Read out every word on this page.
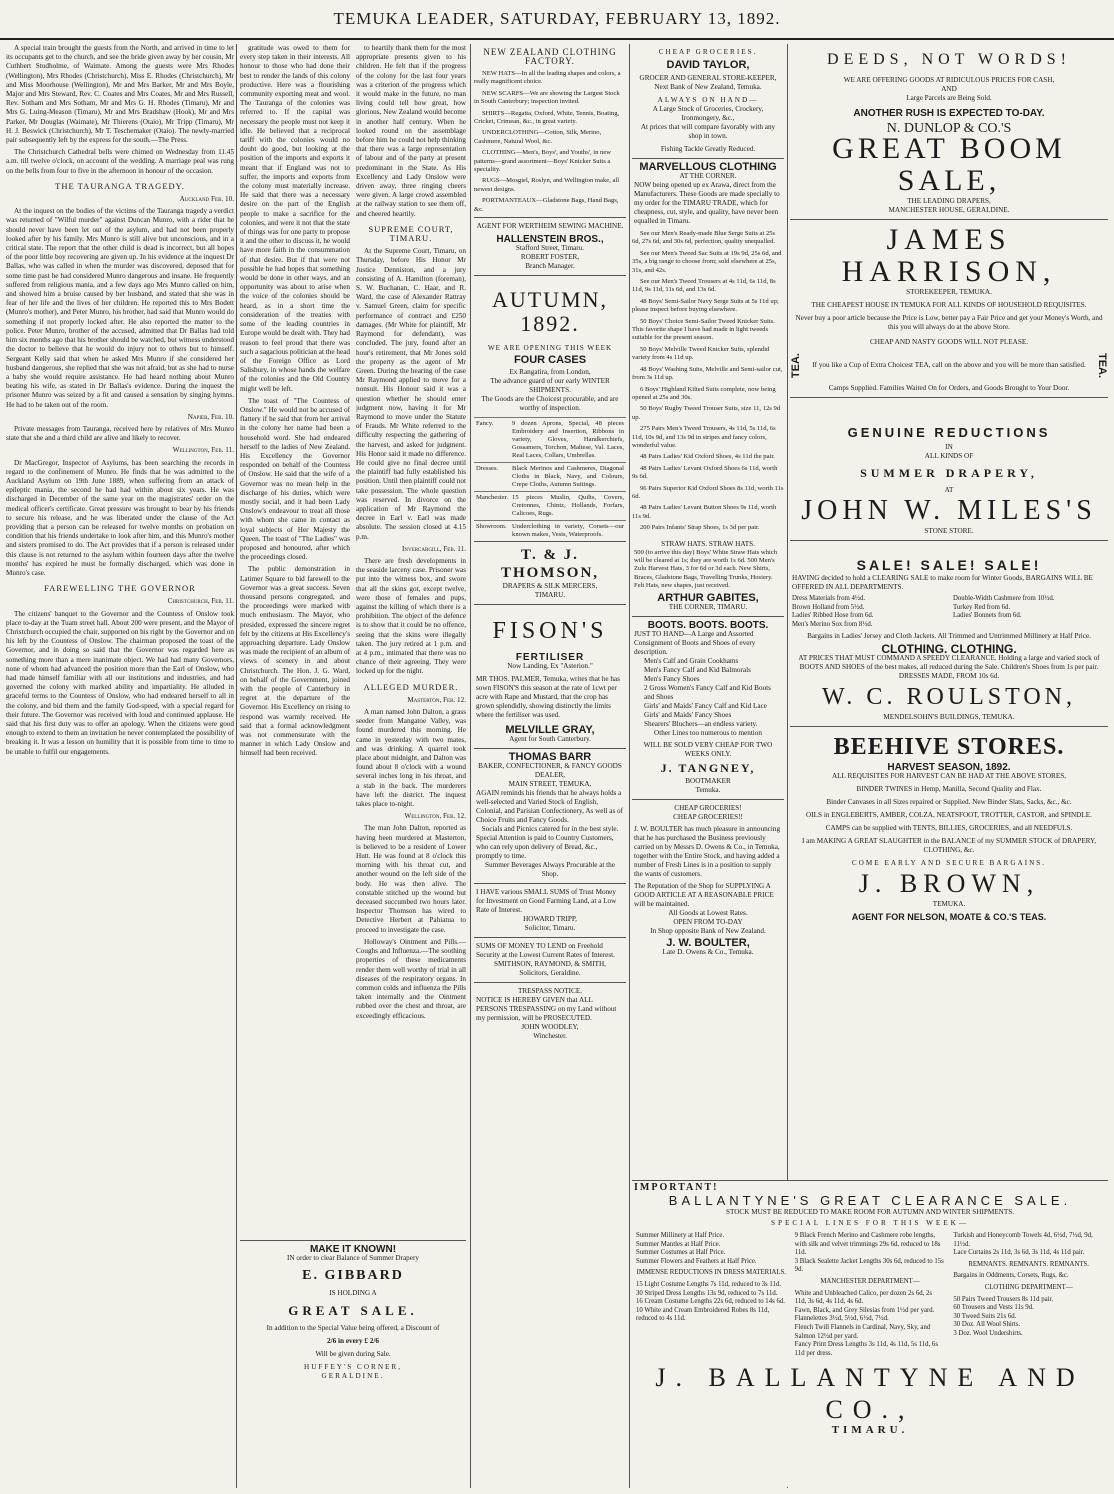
TEMUKA LEADER, SATURDAY, FEBRUARY 13, 1892.

A special train brought the guests from the North, and arrived in time to let its occupants get to the church, and see the bride given away by her cousin, Mr Cuthbert Studholme, of Waimate. Among the guests were Mrs Rhodes (Wellington), Mrs Rhodes (Christchurch), Miss E. Rhodes (Christchurch), Mr and Miss Moorhouse (Wellington), Mr and Mrs Barker, Mr and Mrs Boyle, Major and Mrs Steward, Rev. C. Coates and Mrs Coates, Mr and Mrs Russell, Rev. Sotham and Mrs Sotham, Mr and Mrs G. H. Rhodes (Timaru), Mr and Mrs G. Luing-Meason (Timaru), Mr and Mrs Bradshaw (Hook), Mr and Mrs Parker, Mr Douglas (Waimate), Mr Thierens (Otaio), Mr Tripp (Timaru), Mr H. J. Beswick (Christchurch), Mr T. Teschemaker (Otaio). The newly-married pair subsequently left by the express for the south.—The Press.

The Christchurch Cathedral bells were chimed on Wednesday from 11.45 a.m. till twelve o'clock, on account of the wedding. A marriage peal was rung on the bells from four to five in the afternoon in honour of the occasion.

THE TAURANGA TRAGEDY.

Auckland Feb. 10.

At the inquest on the bodies of the victims of the Tauranga tragedy a verdict was returned of "Wilful murder" against Duncan Munro, with a rider that he should never have been let out of the asylum, and had not been properly looked after by his family. Mrs Munro is still alive but unconscious, and in a critical state. The report that the other child is dead is incorrect, but all hopes of the poor little boy recovering are given up. In his evidence at the inquest Dr Ballas, who was called in when the murder was discovered, deposed that for some time past he had considered Munro dangerous and insane. He frequently suffered from religious mania, and a few days ago Mrs Munro called on him, and showed him a bruise caused by her husband, and stated that she was in fear of her life and the lives of her children. He reported this to Mrs Bodett (Munro's mother), and Peter Munro, his brother, had said that Munro would do something if not properly locked after. He also reported the matter to the police. Peter Munro, brother of the accused, admitted that Dr Ballas had told him six months ago that his brother should be watched, but witness understood the doctor to believe that he would do injury not to others but to himself. Sergeant Kelly said that when he asked Mrs Munro if she considered her husband dangerous, she replied that she was not afraid, but as she had to nurse a baby she would require assistance. He had heard nothing about Munro beating his wife, as stated in Dr Ballas's evidence. During the inquest the prisoner Munro was seized by a fit and caused a sensation by singing hymns. He had to be taken out of the room.

Napier, Feb. 10.

Private messages from Tauranga, received here by relatives of Mrs Munro state that she and a third child are alive and likely to recover.

Wellington, Feb. 11.

Dr MacGregor, Inspector of Asylums, has been searching the records in regard to the confinement of Munro. He finds that he was admitted to the Auckland Asylum on 19th June 1889, when suffering from an attack of epileptic mania, the second he had had within about six years. He was discharged in December of the same year on the magistrates' order on the medical officer's certificate. Great pressure was brought to bear by his friends to secure his release, and he was liberated under the clause of the Act providing that a person can be released for twelve months on probation on condition that his friends undertake to look after him, and this Munro's mother and sisters promised to do. The Act provides that if a person is released under this clause is not returned to the asylum within fourteen days after the twelve months' has expired he must be formally discharged, which was done in Munro's case.

FAREWELLING THE GOVERNOR

Christchurch, Feb. 11.

The citizens' banquet to the Governor and the Countess of Onslow took place to-day at the Tuam street hall. About 200 were present, and the Mayor of Christchurch occupied the chair, supported on his right by the Governor and on his left by the Countess of Onslow. The chairman proposed the toast of the Governor, and in doing so said that the Governor was regarded here as something more than a mere inanimate object. We had had many Governors, none of whom had advanced the position more than the Earl of Onslow, who had made himself familiar with all our institutions and industries, and had governed the colony with marked ability and impartiality. He alluded in graceful terms to the Countess of Onslow, who had endeared herself to all in the colony, and bid them and the family God-speed, with a special regard for their future. The Governor was received with loud and continued applause. He said that his first duty was to offer an apology. When the citizens were good enough to extend to them an invitation he never contemplated the possibility of breaking it. It was a lesson on humility that it is possible from time to time to be unable to fulfil our engagements.

gratitude was owed to them for every step taken in their interests. All honour to those who had done their best to render the lands of this colony productive. Here was a flourishing community exporting meat and wool. The Tauranga of the colonies was referred to. If the capital was necessary the people must not keep it idle. He believed that a reciprocal tariff with the colonies would no doubt do good, but looking at the position of the imports and exports it meant that if England was not to suffer, the imports and exports from the colony must materially increase. He said that there was a necessary desire on the part of the English people to make a sacrifice for the colonies, and were it not that the state of things was for one party to propose it and the other to discuss it, he would have more faith in the consummation of that desire. But if that were not possible he had hopes that something would be done in other ways, and an opportunity was about to arise when the voice of the colonies should be heard, as in a short time the consideration of the treaties with some of the leading countries in Europe would be dealt with. They had reason to feel proud that there was such a sagacious politician at the head of the Foreign Office as Lord Salisbury, in whose hands the welfare of the colonies and the Old Country might well be left.

The toast of "The Countess of Onslow." He would not be accused of flattery if he said that from her arrival in the colony her name had been a household word. She had endeared herself to the ladies of New Zealand. His Excellency the Governor responded on behalf of the Countess of Onslow. He said that the wife of a Governor was no mean help in the discharge of his duties, which were mostly social, and it had been Lady Onslow's endeavour to treat all those with whom she came in contact as loyal subjects of Her Majesty the Queen. The toast of "The Ladies" was proposed and honoured, after which the proceedings closed.

The public demonstration in Latimer Square to bid farewell to the Governor was a great success. Seven thousand persons congregated, and the proceedings were marked with much enthusiasm. The Mayor, who presided, expressed the sincere regret felt by the citizens at His Excellency's approaching departure. Lady Onslow was made the recipient of an album of views of scenery in and about Christchurch. The Hon. J. G. Ward, on behalf of the Government, joined with the people of Canterbury in regret at the departure of the Governor. His Excellency on rising to respond was warmly received. He said that a formal acknowledgment was not commensurate with the manner in which Lady Onslow and himself had been received.

to heartily thank them for the most appropriate presents given to his children. He felt that if the progress of the colony for the last four years was a criterion of the progress which it would make in the future, no man living could tell how great, how glorious, New Zealand would become in another half century. When he looked round on the assemblage before him he could not help thinking that there was a large representation of labour and of the party at present predominant in the State. As His Excellency and Lady Onslow were driven away, three ringing cheers were given. A large crowd assembled at the railway station to see them off, and cheered heartily.

SUPREME COURT, TIMARU.

At the Supreme Court, Timaru, on Thursday, before His Honor Mr Justice Denniston, and a jury consisting of A. Hamilton (foreman), S. W. Buchanan, C. Haar, and R. Ward, the case of Alexander Rattray v. Samuel Green, claim for specific performance of contract and £250 damages. (Mr White for plaintiff, Mr Raymond for defendant), was concluded. The jury, found after an hour's retirement, that Mr Jones sold the property as the agent of Mr Green. During the hearing of the case Mr Raymond applied to move for a nonsuit. His Honour said it was a question whether he should enter judgment now, having it for Mr Raymond to move under the Statute of Frauds. Mr White referred to the difficulty respecting the gathering of the harvest, and asked for judgment. His Honor said it made no difference. He could give no final decree until the plaintiff had fully established his position. Until then plaintiff could not take possession. The whole question was reserved. In divorce on the application of Mr Raymond the decree in Earl v. Earl was made absolute. The session closed at 4.15 p.m.

Invercargill, Feb. 11.

There are fresh developments in the seaside larceny case. Prisoner was put into the witness box, and swore that all the skins got, except twelve, were those of females and pups, against the killing of which there is a prohibition. The object of the defence is to show that it could be no offence, seeing that the skins were illegally taken. The jury retired at 1 p.m. and at 4 p.m., intimated that there was no chance of their agreeing. They were locked up for the night.

ALLEGED MURDER.

Masterton, Feb. 12.

A man named John Dalton, a grass seeder from Mangatoe Valley, was found murdered this morning. He came in yesterday with two mates, and was drinking. A quarrel took place about midnight, and Dalton was found about 8 o'clock with a wound several inches long in his throat, and a stab in the back. The murderers have left the district. The inquest takes place to-night.

Wellington, Feb. 12.

The man John Dalton, reported as having been murdered at Masterton, is believed to be a resident of Lower Hutt. He was found at 8 o'clock this morning with his throat cut, and another wound on the left side of the body. He was then alive. The constable stitched up the wound but deceased succumbed two hours later. Inspector Thomson has wired to Detective Herbert at Pahiatua to proceed to investigate the case.

Holloway's Ointment and Pills.—Coughs and Influenza.—The soothing properties of these medicaments render them well worthy of trial in all diseases of the respiratory organs. In common colds and influenza the Pills taken internally and the Ointment rubbed over the chest and throat, are exceedingly efficacious.

MAKE IT KNOWN!
IN order to clear Balance of Summer Drapery
E. GIBBARD
IS HOLDING A
GREAT SALE.
In addition to the Special Value being offered, a Discount of
2/6 in every £ 2/6
Will be given during Sale.
HUFFEY'S CORNER,
GERALDINE.
NEW ZEALAND CLOTHING FACTORY.

NEW HATS—In all the leading shapes and colors, a really magnificent choice.

NEW SCARFS—We are showing the Largest Stock in South Canterbury; inspection invited.

SHIRTS—Regatta, Oxford, White, Tennis, Boating, Cricket, Crimean, &c., in great variety.

UNDERCLOTHING—Cotton, Silk, Merino, Cashmere, Natural Wool, &c.

CLOTHING—Men's, Boys', and Youths', in new patterns—grand assortment—Boys' Knicker Suits a speciality.

RUGS—Mosgiel, Roslyn, and Wellington make, all newest designs.

PORTMANTEAUX—Gladstone Bags, Hand Bags, &c.

AGENT FOR WERTHEIM SEWING MACHINE.
HALLENSTEIN BROS.,
Stafford Street, Timaru.
ROBERT FOSTER,
Branch Manager.
AUTUMN, 1892.
WE ARE OPENING THIS WEEK
FOUR CASES
Ex Rangatira, from London,
The advance guard of our early WINTER SHIPMENTS.
The Goods are the Choicest procurable, and are worthy of inspection.
Fancy.	9 dozen Aprons, Special, 48 pieces Embroidery and Insertion, Ribbons in variety, Gloves, Handkerchiefs, Gossamers, Torchon, Maltese, Val. Laces, Real Laces, Collars, Umbrellas.
Dresses.	Black Merinos and Cashmeres, Diagonal Cloths in Black, Navy, and Colours, Crepe Cloths, Autumn Suitings.
Manchester.	15 pieces Muslin, Quilts, Covers, Cretonnes, Chintz, Hollands, Forfars, Calicoes, Rugs.
Showroom.	Underclothing in variety, Corsets—our known makes, Vests, Waterproofs.
T. & J. THOMSON,
DRAPERS & SILK MERCERS,
TIMARU.
FISON'S
FERTILISER
Now Landing, Ex "Asterion."
MR THOS. PALMER, Temuka, writes that he has sown FISON'S this season at the rate of 1cwt per acre with Rape and Mustard, that the crop has grown splendidly, showing distinctly the limits where the fertiliser was used.
MELVILLE GRAY,
Agent for South Canterbury.
THOMAS BARR
BAKER, CONFECTIONER, & FANCY GOODS DEALER,
MAIN STREET, TEMUKA,
AGAIN reminds his friends that he always holds a well-selected and Varied Stock of English, Colonial, and Parisian Confectionery, As well as of Choice Fruits and Fancy Goods.
Socials and Picnics catered for in the best style.
Special Attention is paid to Country Customers, who can rely upon delivery of Bread, &c., promptly to time.
Summer Beverages Always Procurable at the Shop.
I HAVE various SMALL SUMS of Trust Money for Investment on Good Farming Land, at a Low Rate of Interest.
HOWARD TRIPP,
Solicitor, Timaru.
SUMS OF MONEY TO LEND on Freehold Security at the Lowest Current Rates of Interest.
SMITHSON, RAYMOND, & SMITH,
Solicitors, Geraldine.
TRESPASS NOTICE.
NOTICE IS HEREBY GIVEN that ALL PERSONS TRESPASSING on my Land without my permission, will be PROSECUTED.
JOHN WOODLEY,
Winchester.
CHEAP GROCERIES.
DAVID TAYLOR,
GROCER AND GENERAL STORE-KEEPER,
Next Bank of New Zealand, Temuka.
ALWAYS ON HAND—
A Large Stock of Groceries, Crockery, Ironmongery, &c.,
At prices that will compare favorably with any shop in town.
Fishing Tackle Greatly Reduced.
MARVELLOUS CLOTHING
AT THE CORNER.
NOW being opened up ex Arawa, direct from the Manufacturers. These Goods are made specially to my order for the TIMARU TRADE, which for cheapness, cut, style, and quality, have never been equalled in Timaru.

See our Men's Ready-made Blue Serge Suits at 25s 6d, 27s 6d, and 30s 6d, perfection, quality unequalled.

See our Men's Tweed Sac Suits at 19s 9d, 25s 6d, and 35s, a big range to choose from; sold elsewhere at 25s, 31s, and 42s.

See our Men's Tweed Trousers at 4s 11d, 6s 11d, 8s 11d, 9s 11d, 11s 6d, and 13s 6d.

48 Boys' Semi-Sailor Navy Serge Suits at 5s 11d up; please inspect before buying elsewhere.

50 Boys' Choice Semi-Sailor Tweed Knicker Suits. This favorite shape I have had made in light tweeds suitable for the present season.

50 Boys' Melville Tweed Knicker Suits, splendid variety from 4s 11d up.

48 Boys' Washing Suits, Melville and Semi-sailor cut, from 3s 11d up.

6 Boys' Highland Kilted Suits complete, now being opened at 25s and 30s.

50 Boys' Rugby Tweed Trouser Suits, size 11, 12s 9d up.

275 Pairs Men's Tweed Trousers, 4s 11d, 5s 11d, 6s 11d, 10s 9d, and 13s 9d in stripes and fancy colors, wonderful value.

48 Pairs Ladies' Kid Oxford Shoes, 4s 11d the pair.

48 Pairs Ladies' Levant Oxford Shoes 6s 11d, worth 9s 6d.

96 Pairs Superior Kid Oxford Shoes 8s 11d, worth 11s 6d.

48 Pairs Ladies' Levant Button Shoes 9s 11d, worth 11s 9d.

200 Pairs Infants' Strap Shoes, 1s 3d per pair.

STRAW HATS. STRAW HATS.
500 (to arrive this day) Boys' White Straw Hats which will be cleared at 1s; they are worth 1s 6d. 500 Men's Zulu Harvest Hats, 3 for 6d or 3d each. New Shirts, Braces, Gladstone Bags, Travelling Trunks, Hosiery. Felt Hats, new shapes, just received.
ARTHUR GABITES,
THE CORNER, TIMARU.
BOOTS. BOOTS. BOOTS.
JUST TO HAND—A Large and Assorted Consignment of Boots and Shoes of every description.
Men's Calf and Grain Cookhams
Men's Fancy Calf and Kid Balmorals
Men's Fancy Shoes
2 Gross Women's Fancy Calf and Kid Boots and Shoes
Girls' and Maids' Fancy Calf and Kid Lace
Girls' and Maids' Fancy Shoes
Shearers' Bluchers—an endless variety.
Other Lines too numerous to mention
WILL BE SOLD VERY CHEAP FOR TWO WEEKS ONLY.
J. TANGNEY,
BOOTMAKER
Temuka.
CHEAP GROCERIES!
CHEAP GROCERIES!!
J. W. BOULTER has much pleasure in announcing that he has purchased the Business previously carried on by Messrs D. Owens & Co., in Temuka, together with the Entire Stock, and having added a number of Fresh Lines is in a position to supply the wants of customers.
The Reputation of the Shop for SUPPLYING A GOOD ARTICLE AT A REASONABLE PRICE will be maintained.
All Goods at Lowest Rates.
OPEN FROM TO-DAY
In Shop opposite Bank of New Zealand.
J. W. BOULTER,
Late D. Owens & Co., Temuka.
DEEDS, NOT WORDS!
WE ARE OFFERING GOODS AT RIDICULOUS PRICES FOR CASH,
AND
Large Parcels are Being Sold.
ANOTHER RUSH IS EXPECTED TO-DAY.
N. DUNLOP & CO.'S
GREAT BOOM SALE,
THE LEADING DRAPERS,
MANCHESTER HOUSE, GERALDINE.
JAMES HARRISON,
STOREKEEPER, TEMUKA.
THE CHEAPEST HOUSE IN TEMUKA FOR ALL KINDS OF HOUSEHOLD REQUISITES.
Never buy a poor article because the Price is Low, better pay a Fair Price and get your Money's Worth, and this you will always do at the above Store.
CHEAP AND NASTY GOODS WILL NOT PLEASE.
TEA.	If you like a Cup of Extra Choicest TEA, call on the above and you will be more than satisfied. TEA.
Camps Supplied. Families Waited On for Orders, and Goods Brought to Your Door.
GENUINE REDUCTIONS
IN
ALL KINDS OF
SUMMER DRAPERY,
AT
JOHN W. MILES'S
STONE STORE.
SALE! SALE! SALE!
HAVING decided to hold a CLEARING SALE to make room for Winter Goods, BARGAINS WILL BE OFFERED IN ALL DEPARTMENTS.
Dress Materials from 4½d.
Brown Holland from 5½d.
Ladies' Ribbed Hose from 6d.
Men's Merino Sox from 8½d.
Double-Width Cashmere from 10½d.
Turkey Red from 6d.
Ladies' Bonnets from 6d.
Bargains in Ladies' Jersey and Cloth Jackets. All Trimmed and Untrimmed Millinery at Half Price.
CLOTHING. CLOTHING.
AT PRICES THAT MUST COMMAND A SPEEDY CLEARANCE. Holding a large and varied stock of BOOTS AND SHOES of the best makes, all reduced during the Sale. Children's Shoes from 1s per pair. DRESSES MADE, FROM 10s 6d.
W. C. ROULSTON,
MENDELSOHN'S BUILDINGS, TEMUKA.
BEEHIVE STORES.
HARVEST SEASON, 1892.
ALL REQUISITES FOR HARVEST CAN BE HAD AT THE ABOVE STORES,
BINDER TWINES in Hemp, Manilla, Second Quality and Flax.
Binder Canvases in all Sizes repaired or Supplied. New Binder Slats, Sacks, &c., &c.
OILS in ENGLEBERTS, AMBER, COLZA, NEATSFOOT, TROTTER, CASTOR, and SPINDLE.
CAMPS can be supplied with TENTS, BILLIES, GROCERIES, and all NEEDFULS.
I am MAKING A GREAT SLAUGHTER in the BALANCE of my SUMMER STOCK of DRAPERY, CLOTHING, &c.
COME EARLY AND SECURE BARGAINS.
J. BROWN,
TEMUKA.
AGENT FOR NELSON, MOATE & CO.'S TEAS.
IMPORTANT!
BALLANTYNE'S GREAT CLEARANCE SALE.
STOCK MUST BE REDUCED TO MAKE ROOM FOR AUTUMN AND WINTER SHIPMENTS.
SPECIAL LINES FOR THIS WEEK—
Summer Millinery at Half Price.
Summer Mantles at Half Price.
Summer Costumes at Half Price.
Summer Flowers and Feathers at Half Price.
IMMENSE REDUCTIONS IN DRESS MATERIALS.
15 Light Costume Lengths 7s 11d, reduced to 3s 11d.
30 Striped Dress Lengths 13s 9d, reduced to 7s 11d.
16 Cream Costume Lengths 22s 6d, reduced to 14s 6d.
10 White and Cream Embroidered Robes 8s 11d, reduced to 4s 11d.
9 Black French Merino and Cashmere robe lengths, with silk and velvet trimmings 29s 6d, reduced to 18s 11d.
3 Black Sealette Jacket Lengths 30s 6d, reduced to 15s 9d.
MANCHESTER DEPARTMENT—
White and Unbleached Calico, per dozen 2s 6d, 2s 11d, 3s 6d, 4s 11d, 4s 6d.
Fawn, Black, and Grey Silesias from 1½d per yard.
Flannelettes 3½d, 5½d, 6½d, 7½d.
Flench Twill Flannels in Cardinal, Navy, Sky, and Salmon 12½d per yard.
Fancy Print Dress Lengths 3s 11d, 4s 11d, 5s 11d, 6s 11d per dress.
Turkish and Honeycomb Towels 4d, 6½d, 7½d, 9d, 11½d.
Lace Curtains 2s 11d, 3s 6d, 3s 11d, 4s 11d pair.
REMNANTS. REMNANTS. REMNANTS.
Bargains in Oddments, Corsets, Rugs, &c.
CLOTHING DEPARTMENT—
50 Pairs Tweed Trousers 8s 11d pair.
60 Trousers and Vests 11s 9d.
30 Tweed Suits 21s 6d.
30 Doz. All Wool Shirts.
3 Doz. Wool Undershirts.
J. BALLANTYNE AND CO.,
TIMARU.
